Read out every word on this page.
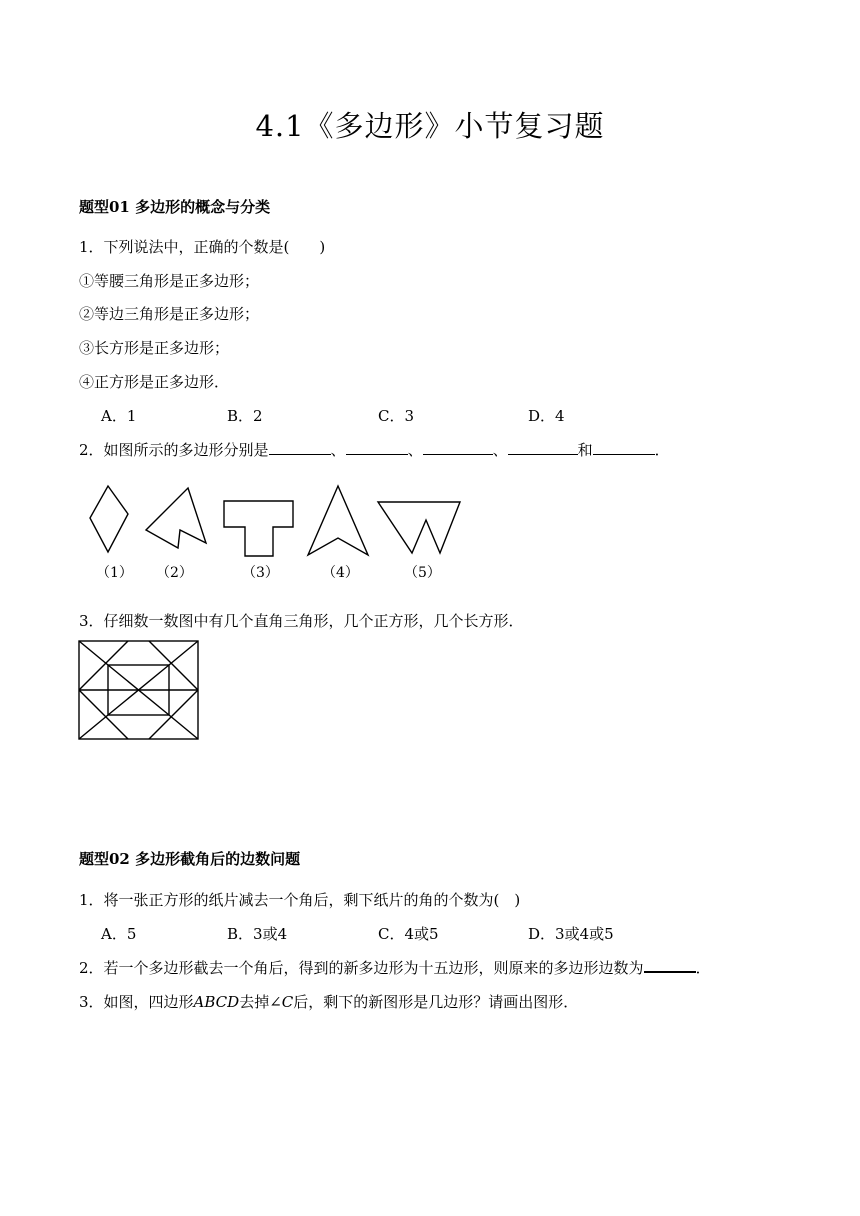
4.1《多边形》小节复习题
题型01 多边形的概念与分类
1．下列说法中，正确的个数是(　　)
①等腰三角形是正多边形；
②等边三角形是正多边形；
③长方形是正多边形；
④正方形是正多边形．
A．1	B．2	C．3	D．4
2．如图所示的多边形分别是	、	、	、	和	．
（1） （2）	（3）	（4）	（5）
3．仔细数一数图中有几个直角三角形，几个正方形，几个长方形．
题型02 多边形截角后的边数问题
1．将一张正方形的纸片减去一个角后，剩下纸片的角的个数为(　)
A．5	B．3或4	C．4或5	D．3或4或5
2．若一个多边形截去一个角后，得到的新多边形为十五边形，则原来的多边形边数为	．
3．如图，四边形ABCD去掉∠C后，剩下的新图形是几边形？请画出图形．
